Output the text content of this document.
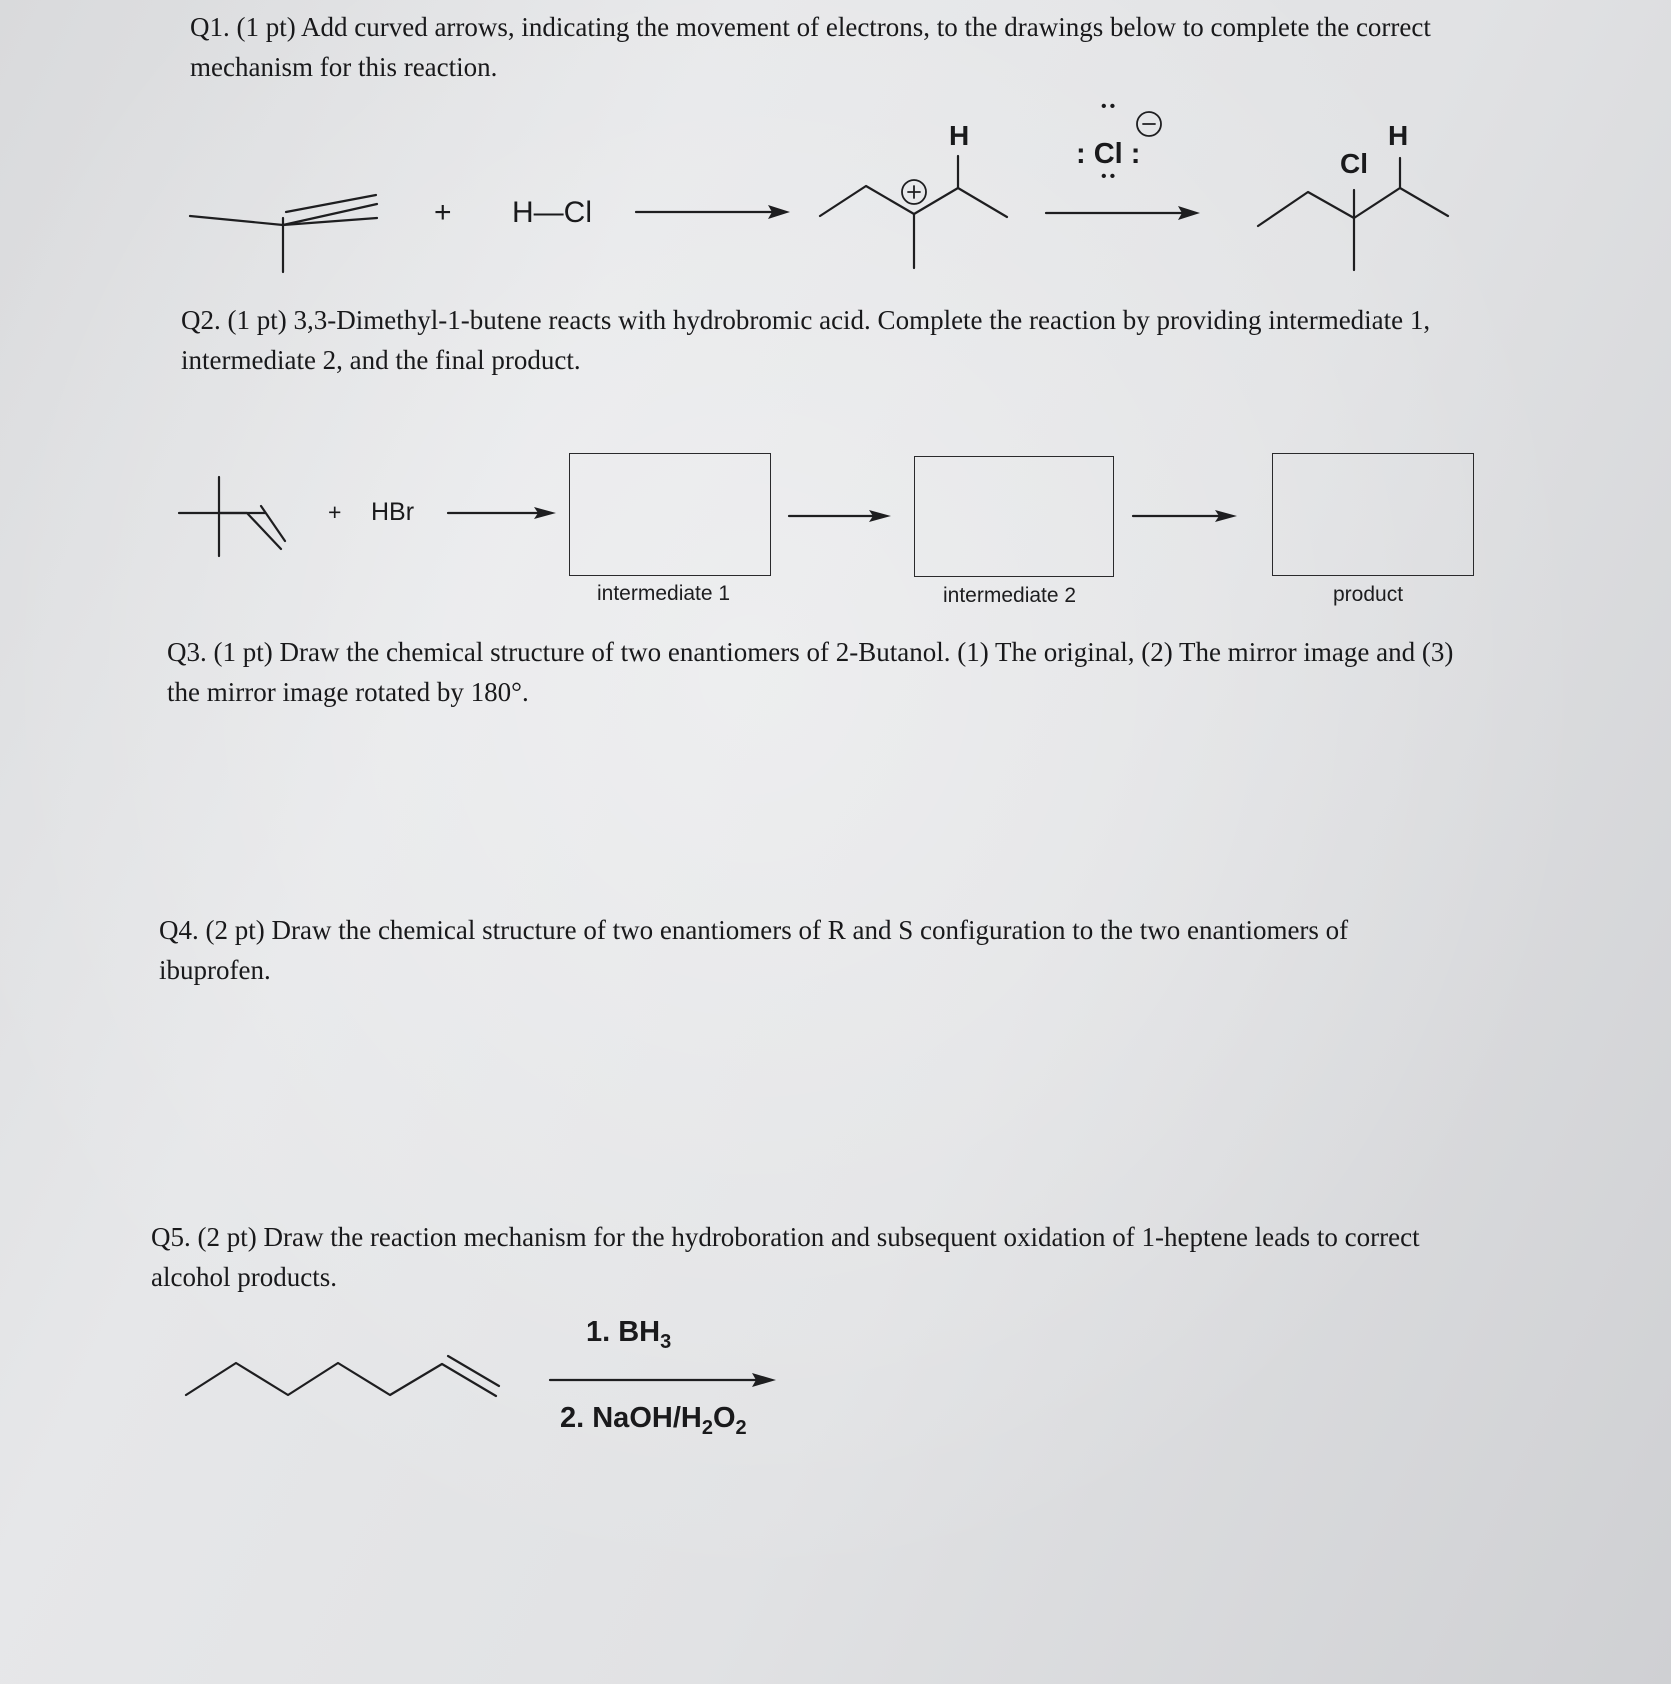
Q1. (1 pt) Add curved arrows, indicating the movement of electrons, to the drawings below to complete the correct mechanism for this reaction.

+ H—Cl
H
••
: Cl :
••	Cl
H

Q2. (1 pt) 3,3-Dimethyl-1-butene reacts with hydrobromic acid. Complete the reaction by providing intermediate 1, intermediate 2, and the final product.

+ HBr
intermediate 1	intermediate 2	product

Q3. (1 pt) Draw the chemical structure of two enantiomers of 2-Butanol. (1) The original, (2) The mirror image and (3) the mirror image rotated by 180°.

Q4. (2 pt) Draw the chemical structure of two enantiomers of R and S configuration to the two enantiomers of ibuprofen.

Q5. (2 pt) Draw the reaction mechanism for the hydroboration and subsequent oxidation of 1-heptene leads to correct alcohol products.

1. $BH_3$
2. NaOH/$H_2O_2$
